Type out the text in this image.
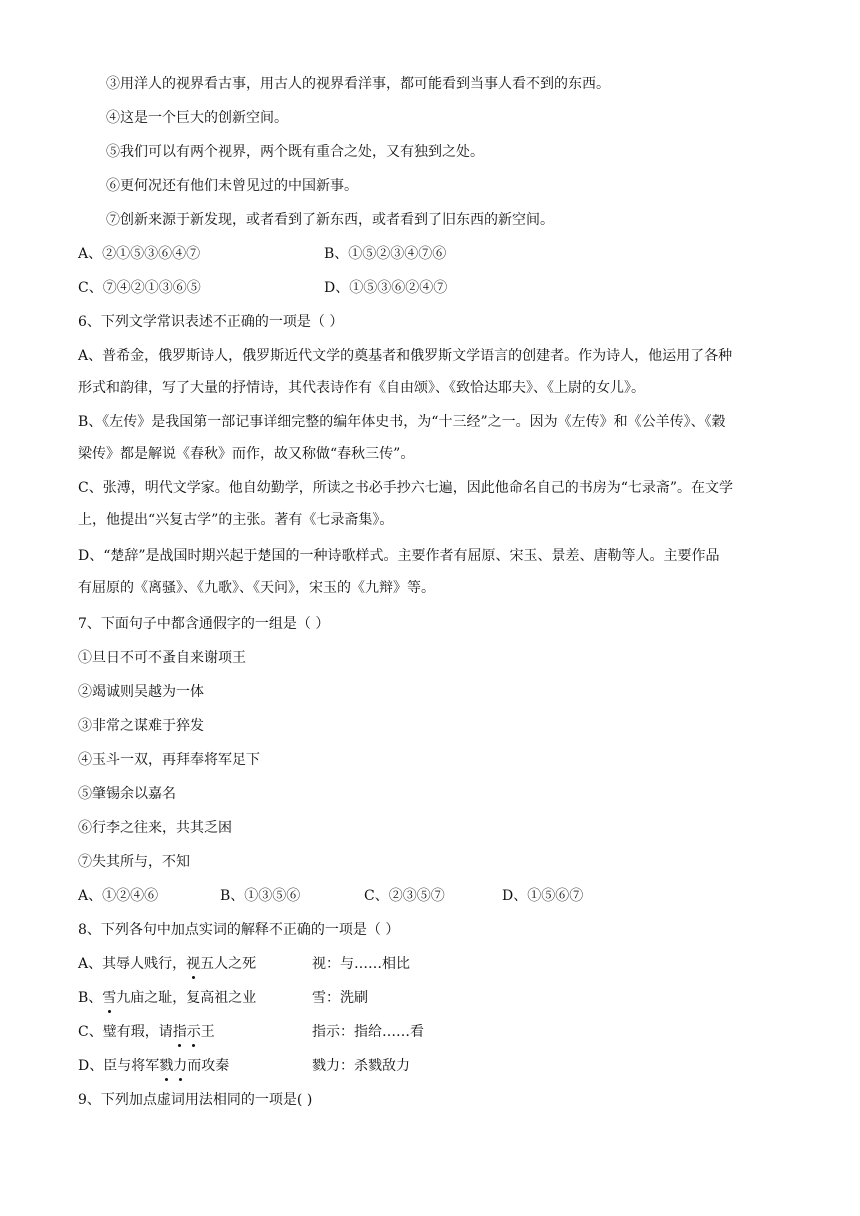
③用洋人的视界看古事，用古人的视界看洋事，都可能看到当事人看不到的东西。
④这是一个巨大的创新空间。
⑤我们可以有两个视界，两个既有重合之处，又有独到之处。
⑥更何况还有他们未曾见过的中国新事。
⑦创新来源于新发现，或者看到了新东西，或者看到了旧东西的新空间。
A、②①⑤③⑥④⑦	B、①⑤②③④⑦⑥
C、⑦④②①③⑥⑤	D、①⑤③⑥②④⑦
6、下列文学常识表述不正确的一项是（ ）
A、普希金，俄罗斯诗人，俄罗斯近代文学的奠基者和俄罗斯文学语言的创建者。作为诗人，他运用了各种
形式和韵律，写了大量的抒情诗，其代表诗作有《自由颂》、《致恰达耶夫》、《上尉的女儿》。
B、《左传》是我国第一部记事详细完整的编年体史书，为“十三经”之一。因为《左传》和《公羊传》、《穀
梁传》都是解说《春秋》而作，故又称做“春秋三传”。
C、张溥，明代文学家。他自幼勤学，所读之书必手抄六七遍，因此他命名自己的书房为“七录斋”。在文学
上，他提出“兴复古学”的主张。著有《七录斋集》。
D、“楚辞”是战国时期兴起于楚国的一种诗歌样式。主要作者有屈原、宋玉、景差、唐勒等人。主要作品
有屈原的《离骚》、《九歌》、《天问》，宋玉的《九辩》等。
7、下面句子中都含通假字的一组是（ ）
①旦日不可不蚤自来谢项王
②竭诚则吴越为一体
③非常之谋难于猝发
④玉斗一双，再拜奉将军足下
⑤肇锡余以嘉名
⑥行李之往来，共其乏困
⑦失其所与，不知
A、①②④⑥	B、①③⑤⑥	C、②③⑤⑦	D、①⑤⑥⑦
8、下列各句中加点实词的解释不正确的一项是（ ）
A、其辱人贱行，视五人之死	视：与……相比
B、雪九庙之耻，复高祖之业	雪：洗刷
C、璧有瑕，请指示王	指示：指给……看
D、臣与将军戮力而攻秦	戮力：杀戮敌力
9、下列加点虚词用法相同的一项是( )
